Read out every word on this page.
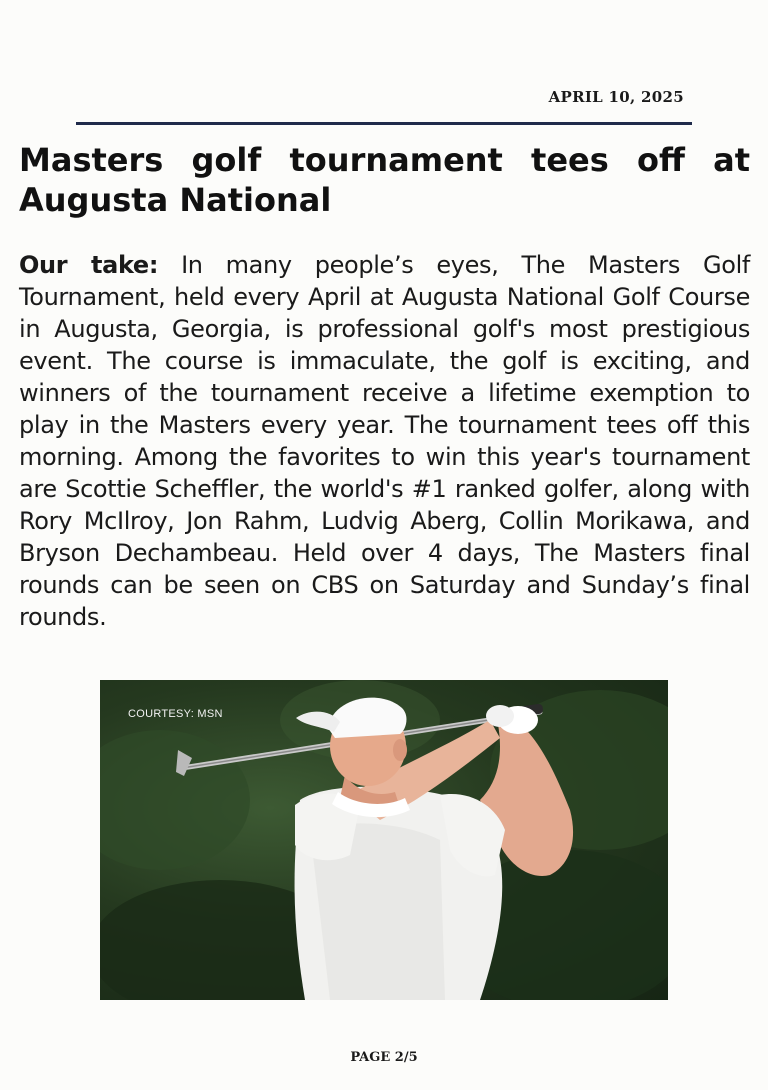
APRIL 10, 2025
Masters golf tournament tees off at Augusta National

Our take: In many people’s eyes, The Masters Golf Tournament, held every April at Augusta National Golf Course in Augusta, Georgia, is professional golf's most prestigious event. The course is immaculate, the golf is exciting, and winners of the tournament receive a lifetime exemption to play in the Masters every year. The tournament tees off this morning. Among the favorites to win this year's tournament are Scottie Scheffler, the world's #1 ranked golfer, along with Rory McIlroy, Jon Rahm, Ludvig Aberg, Collin Morikawa, and Bryson Dechambeau. Held over 4 days, The Masters final rounds can be seen on CBS on Saturday and Sunday’s final rounds.

COURTESY: MSN
PAGE 2/5
